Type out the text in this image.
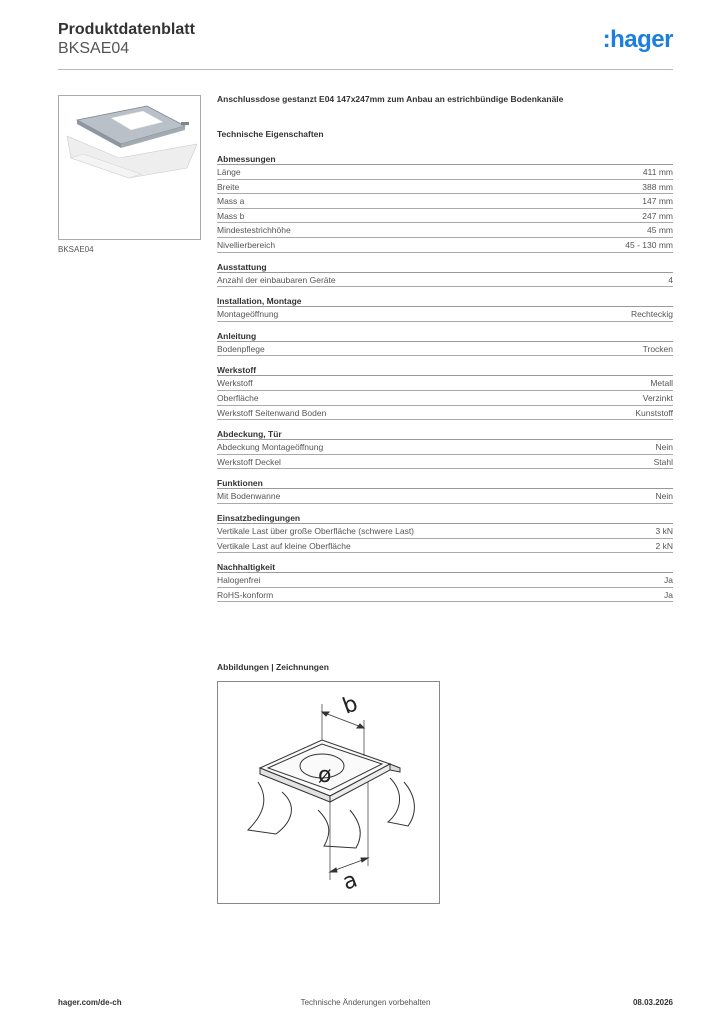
Produktdatenblatt
BKSAE04	:hager
BKSAE04
Anschlussdose gestanzt E04 147x247mm zum Anbau an estrichbündige Bodenkanäle
Technische Eigenschaften
Abmessungen
Länge	411 mm
Breite	388 mm
Mass a	147 mm
Mass b	247 mm
Mindestestrichhöhe	45 mm
Nivellierbereich	45 - 130 mm
Ausstattung
Anzahl der einbaubaren Geräte	4
Installation, Montage
Montageöffnung	Rechteckig
Anleitung
Bodenpflege	Trocken
Werkstoff
Werkstoff	Metall
Oberfläche	Verzinkt
Werkstoff Seitenwand Boden	Kunststoff
Abdeckung, Tür
Abdeckung Montageöffnung	Nein
Werkstoff Deckel	Stahl
Funktionen
Mit Bodenwanne	Nein
Einsatzbedingungen
Vertikale Last über große Oberfläche (schwere Last)	3 kN
Vertikale Last auf kleine Oberfläche	2 kN
Nachhaltigkeit
Halogenfrei	Ja
RoHS-konform	Ja
Abbildungen | Zeichnungen
b
ø
a
hager.com/de-ch	Technische Änderungen vorbehalten	08.03.2026
